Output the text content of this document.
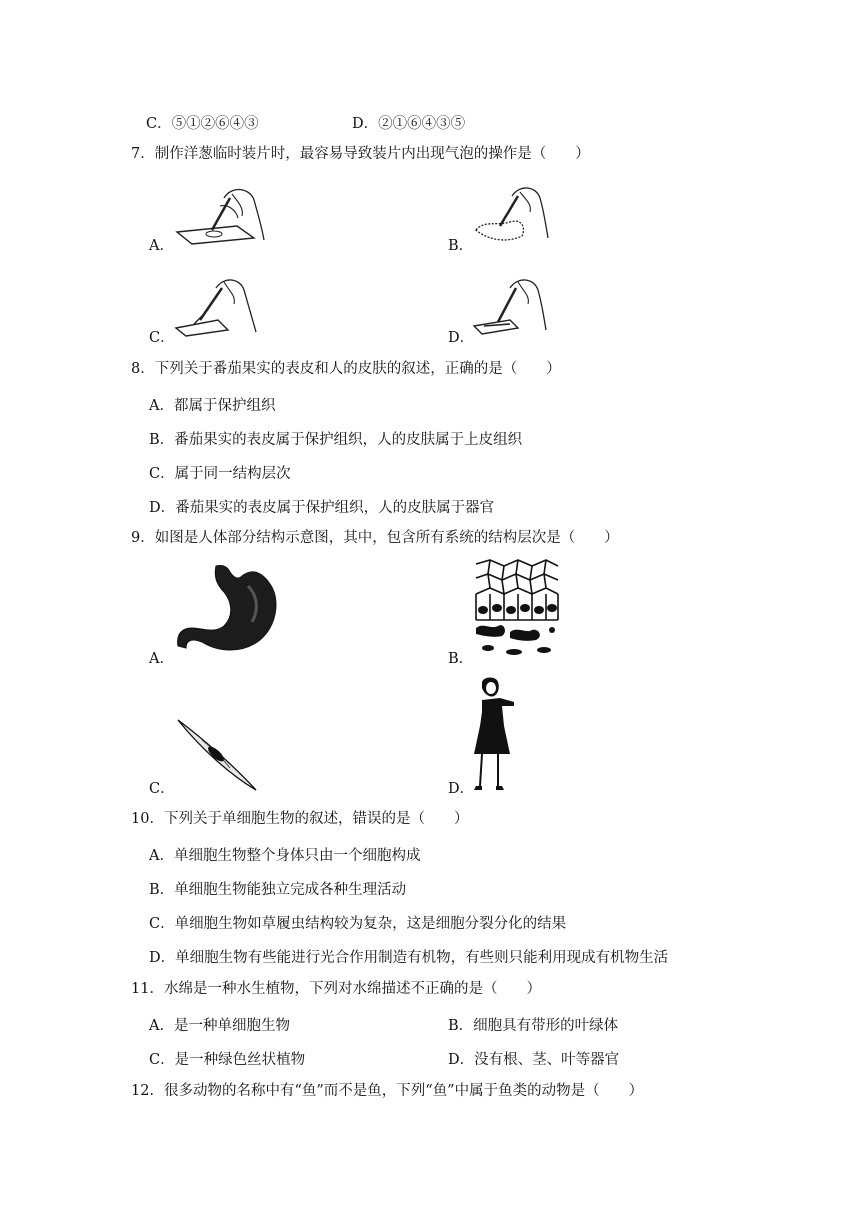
C．⑤①②⑥④③	D．②①⑥④③⑤
7．制作洋葱临时装片时，最容易导致装片内出现气泡的操作是（　　）
A．	B．
C．	D．
8．下列关于番茄果实的表皮和人的皮肤的叙述，正确的是（　　）
A．都属于保护组织
B．番茄果实的表皮属于保护组织，人的皮肤属于上皮组织
C．属于同一结构层次
D．番茄果实的表皮属于保护组织，人的皮肤属于器官
9．如图是人体部分结构示意图，其中，包含所有系统的结构层次是（　　）
A．	B．
C．	D．
10．下列关于单细胞生物的叙述，错误的是（　　）
A．单细胞生物整个身体只由一个细胞构成
B．单细胞生物能独立完成各种生理活动
C．单细胞生物如草履虫结构较为复杂，这是细胞分裂分化的结果
D．单细胞生物有些能进行光合作用制造有机物，有些则只能利用现成有机物生活
11．水绵是一种水生植物，下列对水绵描述不正确的是（　　）
A．是一种单细胞生物	B．细胞具有带形的叶绿体
C．是一种绿色丝状植物	D．没有根、茎、叶等器官
12．很多动物的名称中有“鱼”而不是鱼，下列“鱼”中属于鱼类的动物是（　　）
